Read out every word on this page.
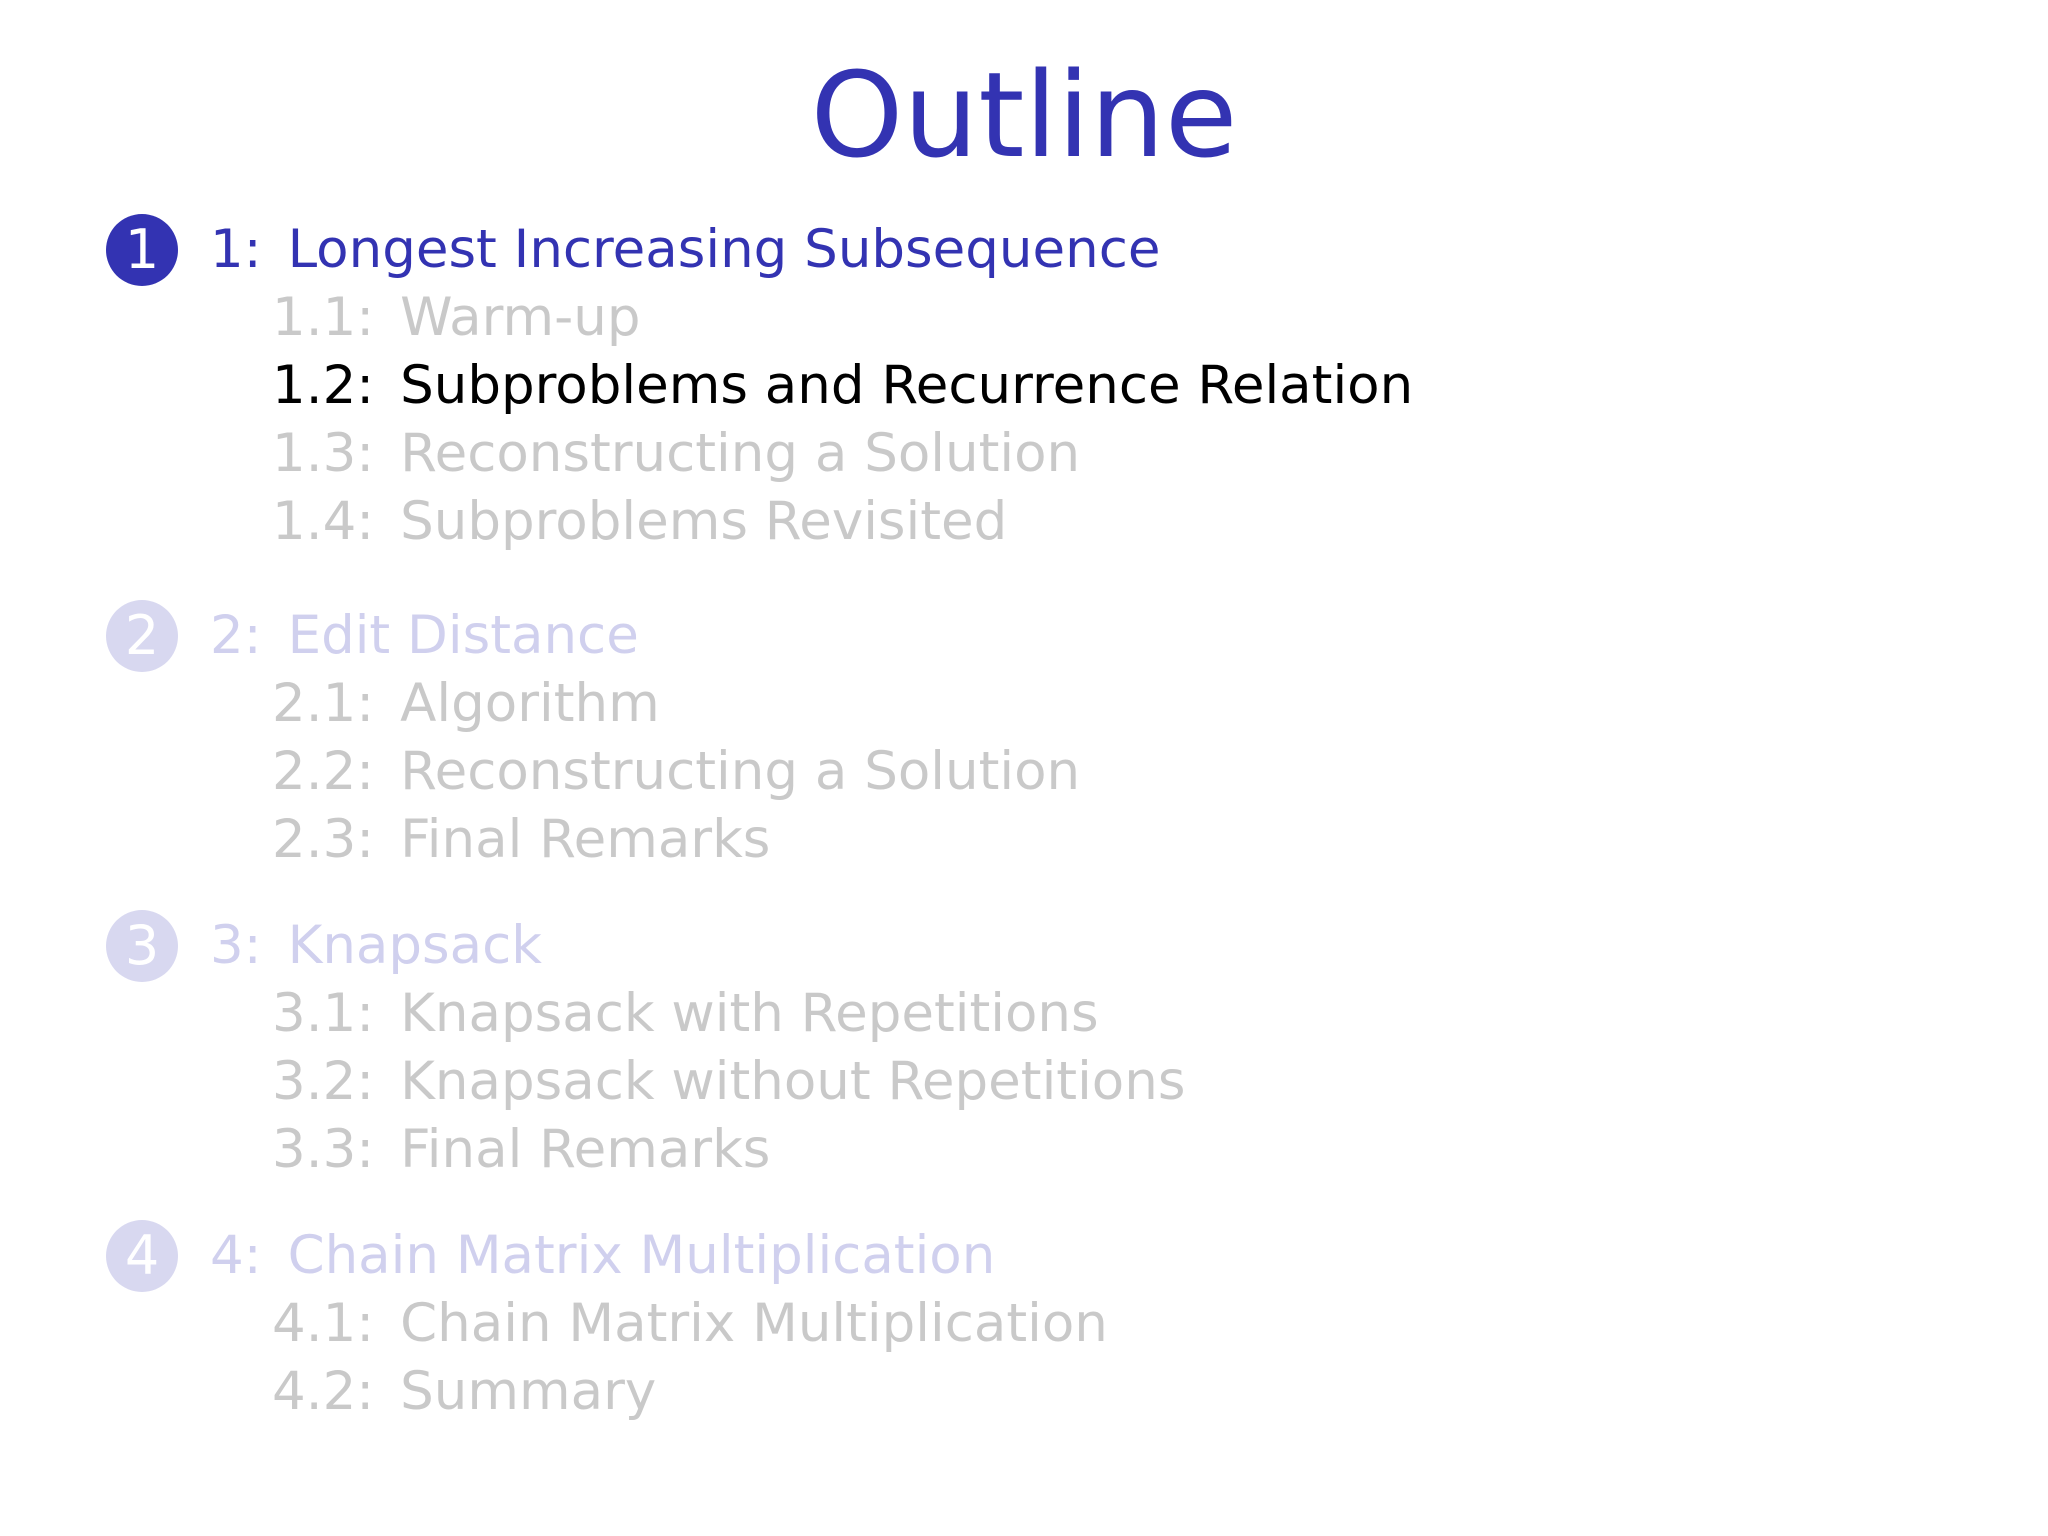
Outline
1 1: Longest Increasing Subsequence
1.1: Warm-up
1.2: Subproblems and Recurrence Relation
1.3: Reconstructing a Solution
1.4: Subproblems Revisited
2 2: Edit Distance
2.1: Algorithm
2.2: Reconstructing a Solution
2.3: Final Remarks
3 3: Knapsack
3.1: Knapsack with Repetitions
3.2: Knapsack without Repetitions
3.3: Final Remarks
4 4: Chain Matrix Multiplication
4.1: Chain Matrix Multiplication
4.2: Summary
